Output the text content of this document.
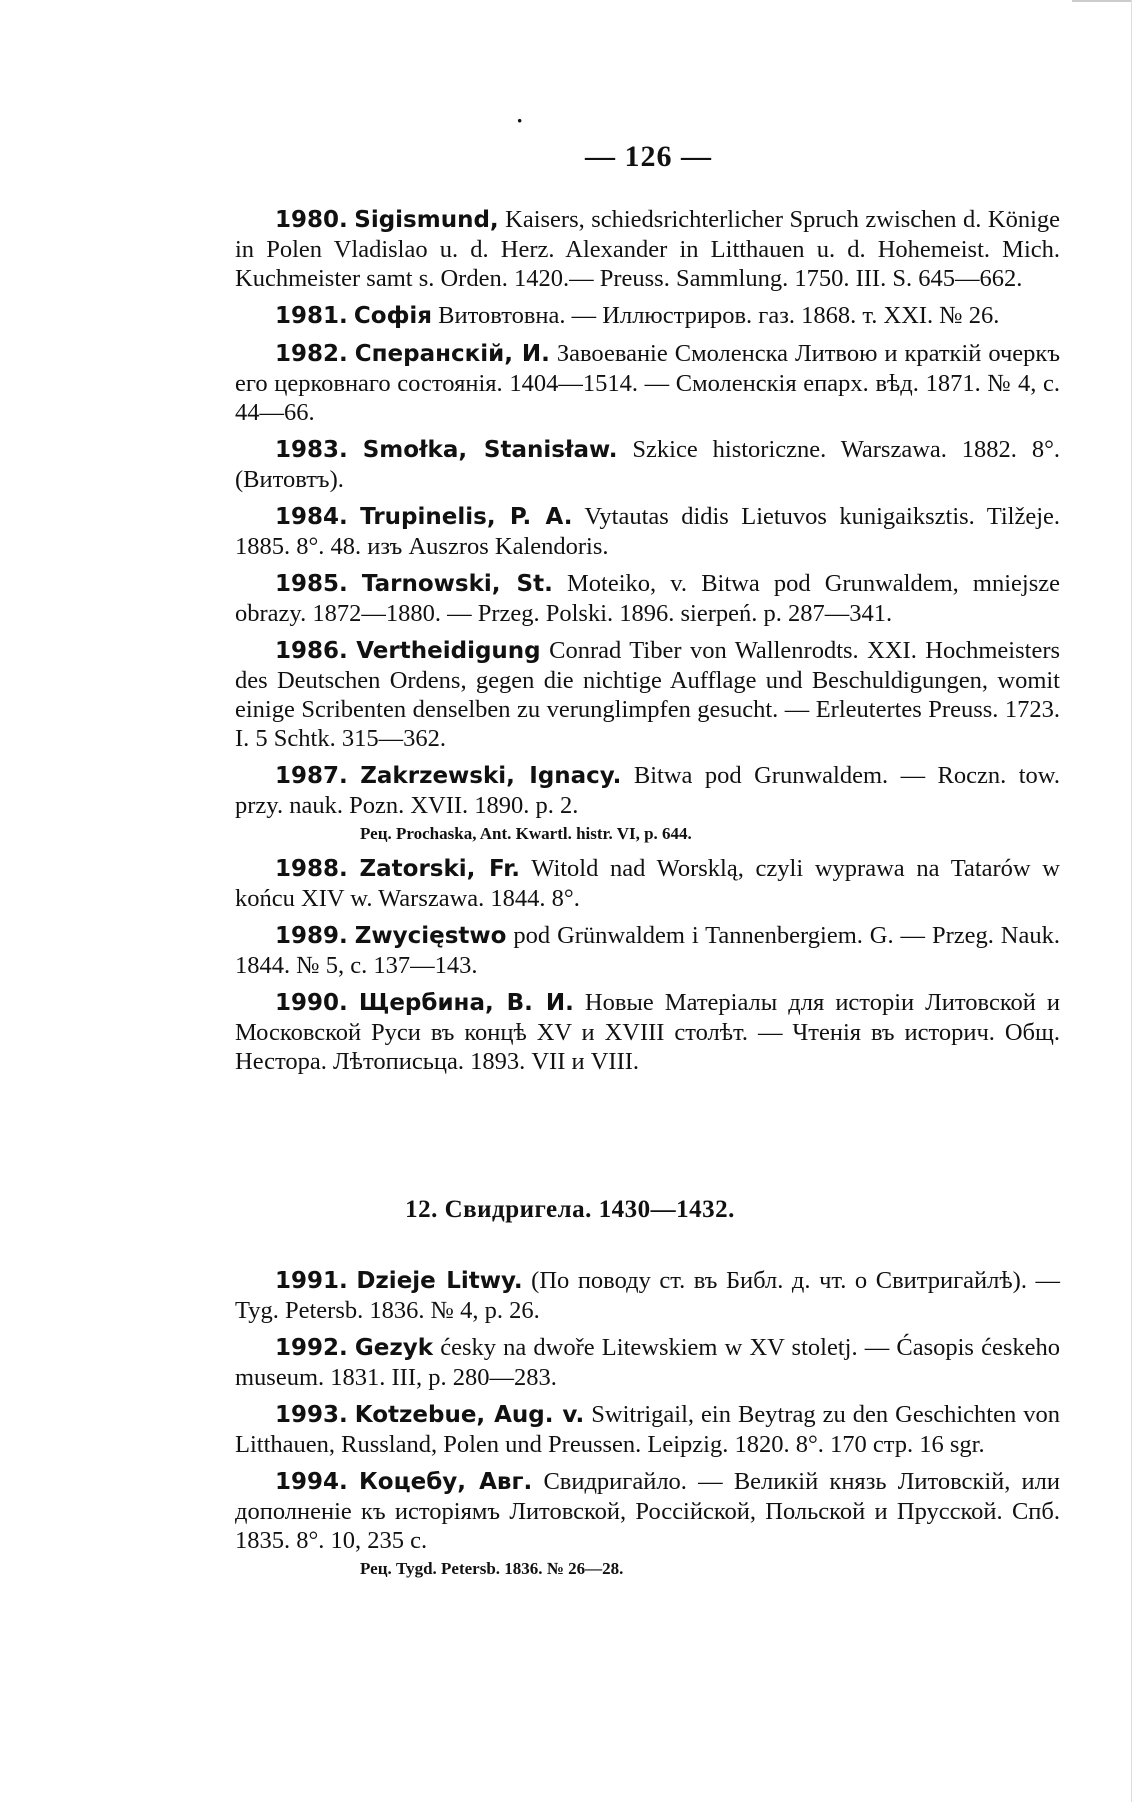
·
— 126 —

1980. Sigismund, Kaisers, schiedsrichterlicher Spruch zwischen d. Könige in Polen Vladislao u. d. Herz. Alexander in Litthauen u. d. Hohemeist. Mich. Kuchmeister samt s. Orden. 1420.— Preuss. Sammlung. 1750. III. S. 645—662.

1981. Софія Витовтовна. — Иллюстриров. газ. 1868. т. XXI. № 26.

1982. Сперанскій, И. Завоеваніе Смоленска Литвою и краткій очеркъ его церковнаго состоянія. 1404—1514. — Смоленскія епарх. вѣд. 1871. № 4, с. 44—66.

1983. Smołka, Stanisław. Szkice historiczne. Warszawa. 1882. 8°. (Витовтъ).

1984. Trupinelis, P. A. Vytautas didis Lietuvos kunigaiksztis. Tilžeje. 1885. 8°. 48. изъ Auszros Kalendoris.

1985. Tarnowski, St. Moteiko, v. Bitwa pod Grunwaldem, mniejsze obrazy. 1872—1880. — Przeg. Polski. 1896. sierpeń. p. 287—341.

1986. Vertheidigung Conrad Tiber von Wallenrodts. XXI. Hochmeisters des Deutschen Ordens, gegen die nichtige Aufflage und Beschuldigungen, womit einige Scribenten denselben zu verunglimpfen gesucht. — Erleutertes Preuss. 1723. I. 5 Schtk. 315—362.

1987. Zakrzewski, Ignacy. Bitwa pod Grunwaldem. — Roczn. tow. przy. nauk. Pozn. XVII. 1890. p. 2.

Рец. Prochaska, Ant. Kwartl. histr. VI, p. 644.

1988. Zatorski, Fr. Witold nad Worsklą, czyli wyprawa na Tatarów w końcu XIV w. Warszawa. 1844. 8°.

1989. Zwycięstwo pod Grünwaldem i Tannenbergiem. G. — Przeg. Nauk. 1844. № 5, c. 137—143.

1990. Щербина, В. И. Новые Матеріалы для исторіи Литовской и Московской Руси въ концѣ XV и XVIII столѣт. — Чтенія въ историч. Общ. Нестора. Лѣтописьца. 1893. VII и VIII.

12. Свидригела. 1430—1432.

1991. Dzieje Litwy. (По поводу ст. въ Библ. д. чт. о Свитригайлѣ). — Tyg. Petersb. 1836. № 4, p. 26.

1992. Gezyk ćesky na dwoře Litewskiem w XV stoletj. — Ćasopis ćeskeho museum. 1831. III, p. 280—283.

1993. Kotzebue, Aug. v. Switrigail, ein Beytrag zu den Geschichten von Litthauen, Russland, Polen und Preussen. Leipzig. 1820. 8°. 170 стр. 16 sgr.

1994. Коцебу, Авг. Свидригайло. — Великій князь Литовскій, или дополненіе къ исторіямъ Литовской, Россійской, Польской и Прусской. Спб. 1835. 8°. 10, 235 с.

Рец. Tygd. Petersb. 1836. № 26—28.
